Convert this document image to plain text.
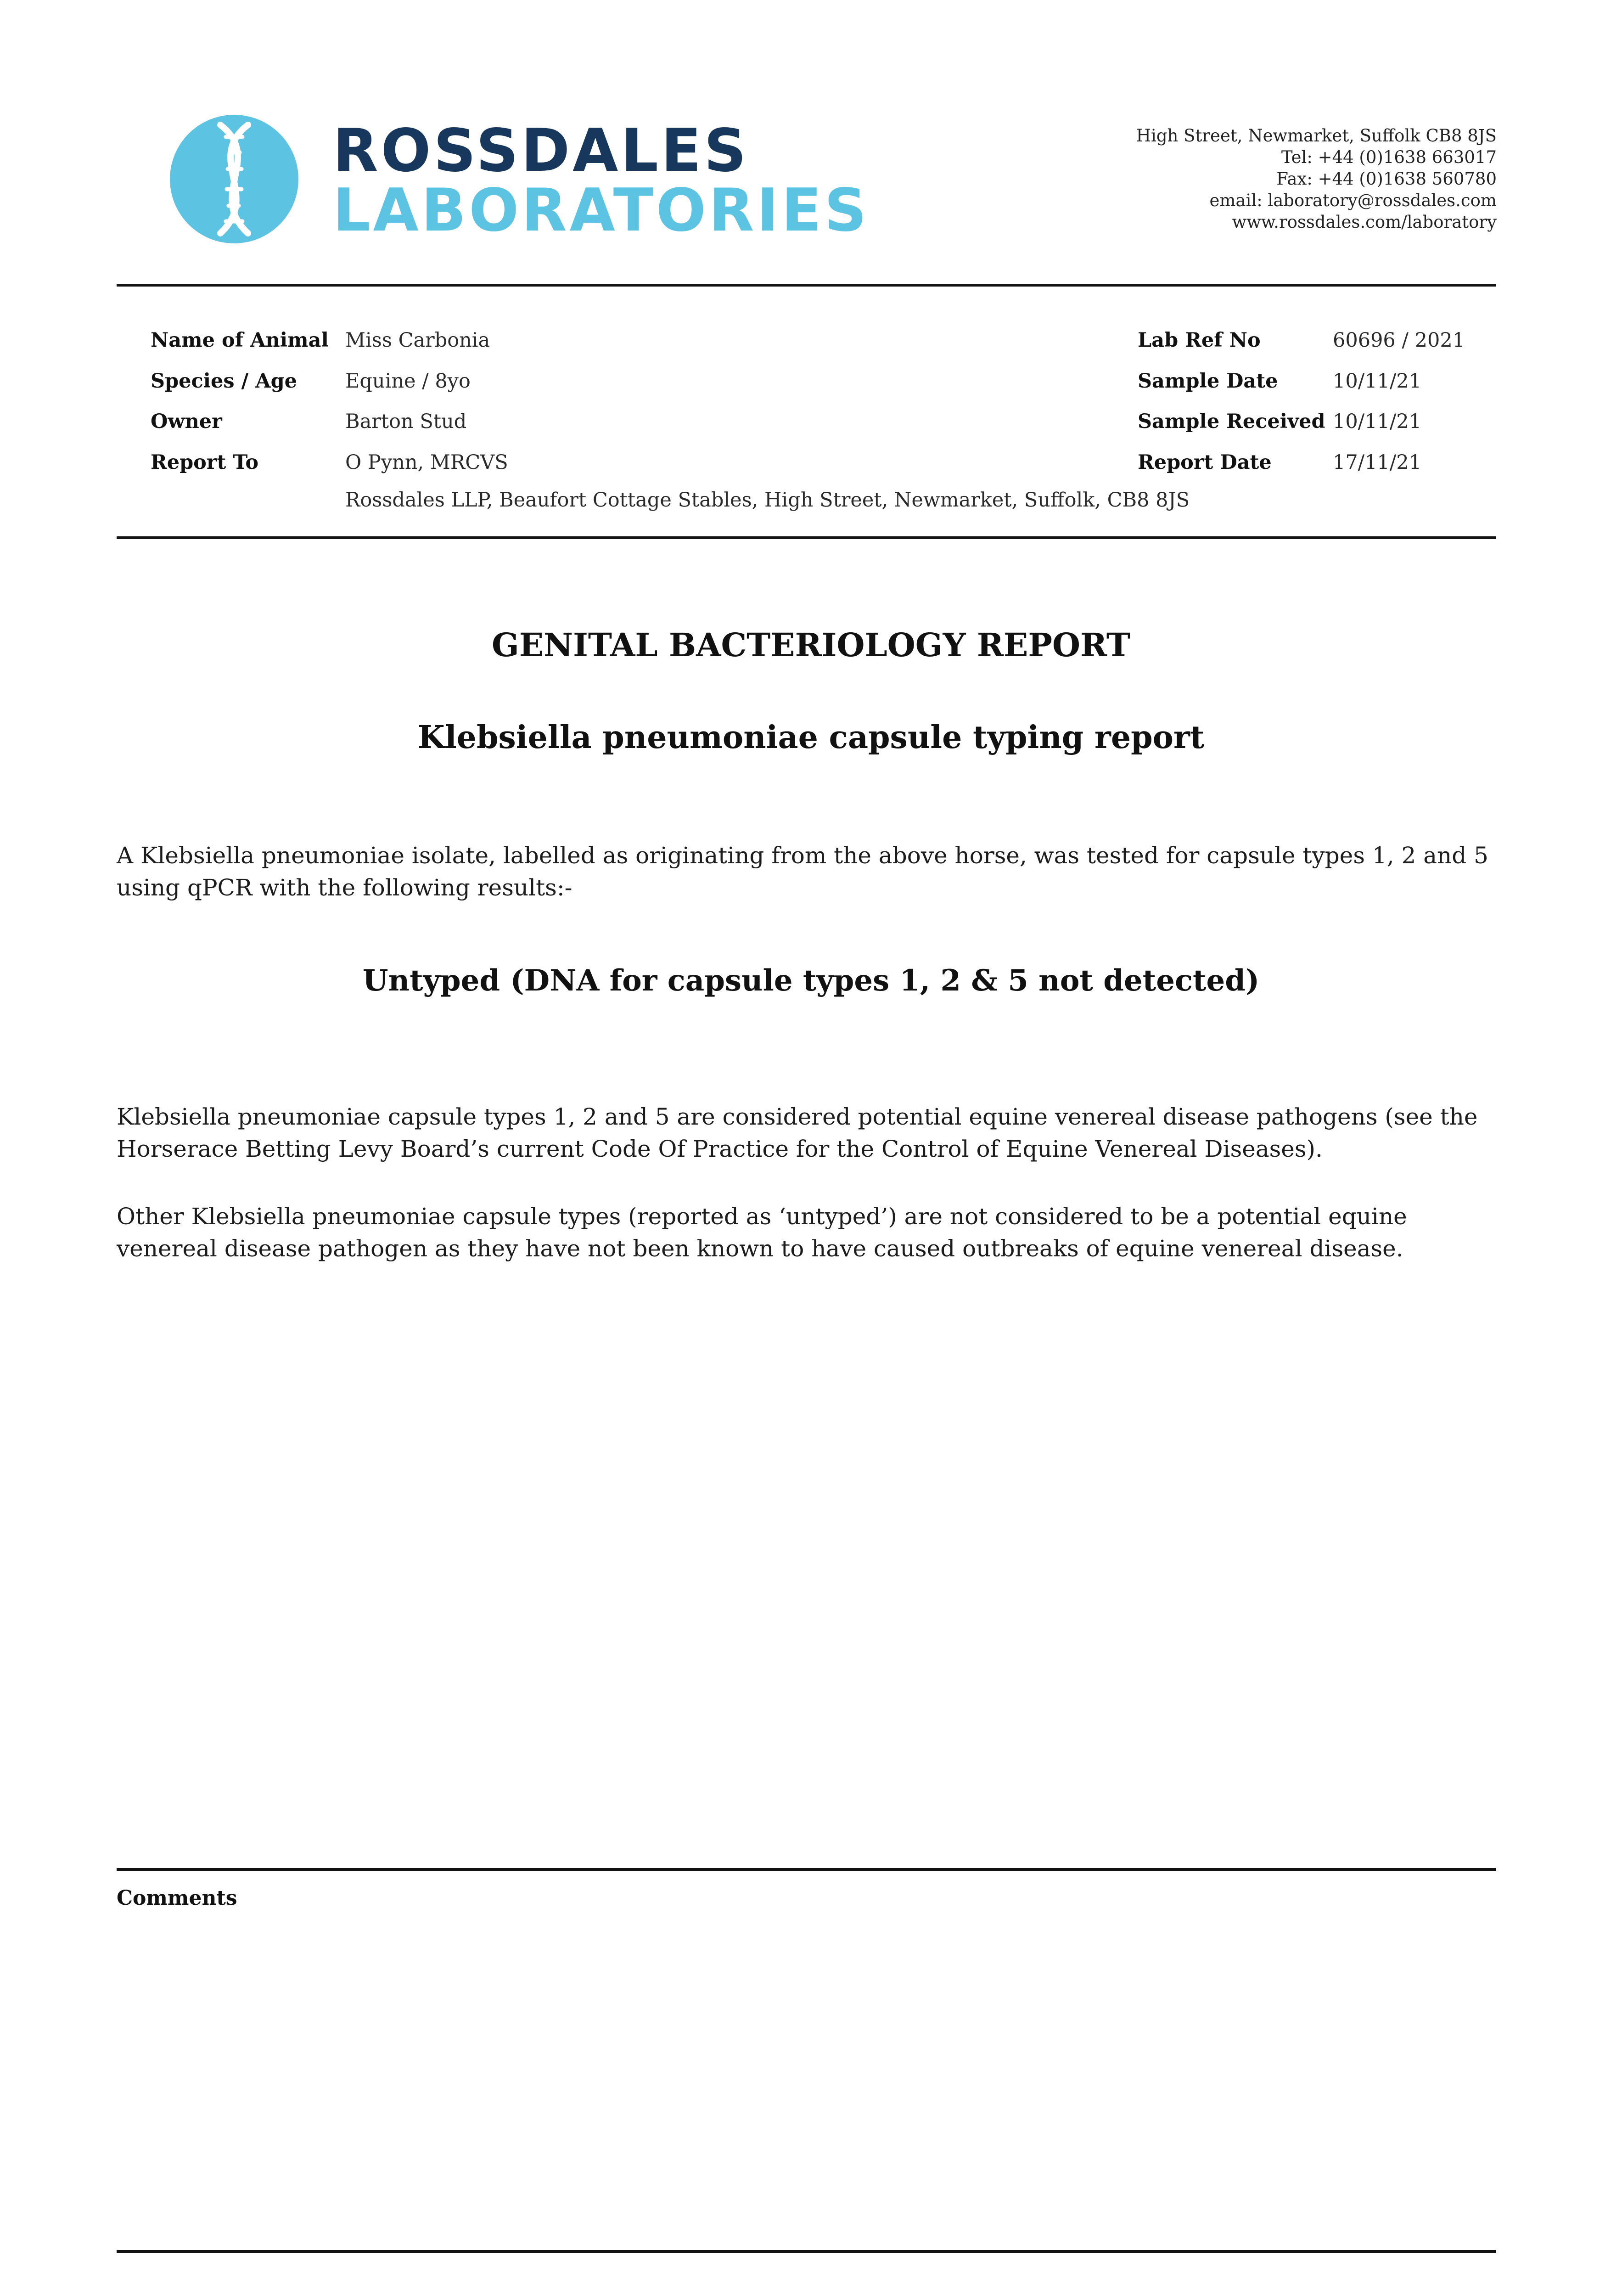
ROSSDALES
LABORATORIES
High Street, Newmarket, Suffolk CB8 8JS
Tel: +44 (0)1638 663017
Fax: +44 (0)1638 560780
email: laboratory@rossdales.com
www.rossdales.com/laboratory
Name of Animal Miss Carbonia
Species / Age Equine / 8yo
Owner	Barton Stud
Report To	O Pynn, MRCVS
Rossdales LLP, Beaufort Cottage Stables, High Street, Newmarket, Suffolk, CB8 8JS
Lab Ref No	60696 / 2021
Sample Date	10/11/21
Sample Received 10/11/21
Report Date	17/11/21
GENITAL BACTERIOLOGY REPORT
Klebsiella pneumoniae capsule typing report

A Klebsiella pneumoniae isolate, labelled as originating from the above horse, was tested for capsule types 1, 2 and 5 using qPCR with the following results:-

Untyped (DNA for capsule types 1, 2 & 5 not detected)

Klebsiella pneumoniae capsule types 1, 2 and 5 are considered potential equine venereal disease pathogens (see the Horserace Betting Levy Board’s current Code Of Practice for the Control of Equine Venereal Diseases).

Other Klebsiella pneumoniae capsule types (reported as ‘untyped’) are not considered to be a potential equine venereal disease pathogen as they have not been known to have caused outbreaks of equine venereal disease.

Comments
